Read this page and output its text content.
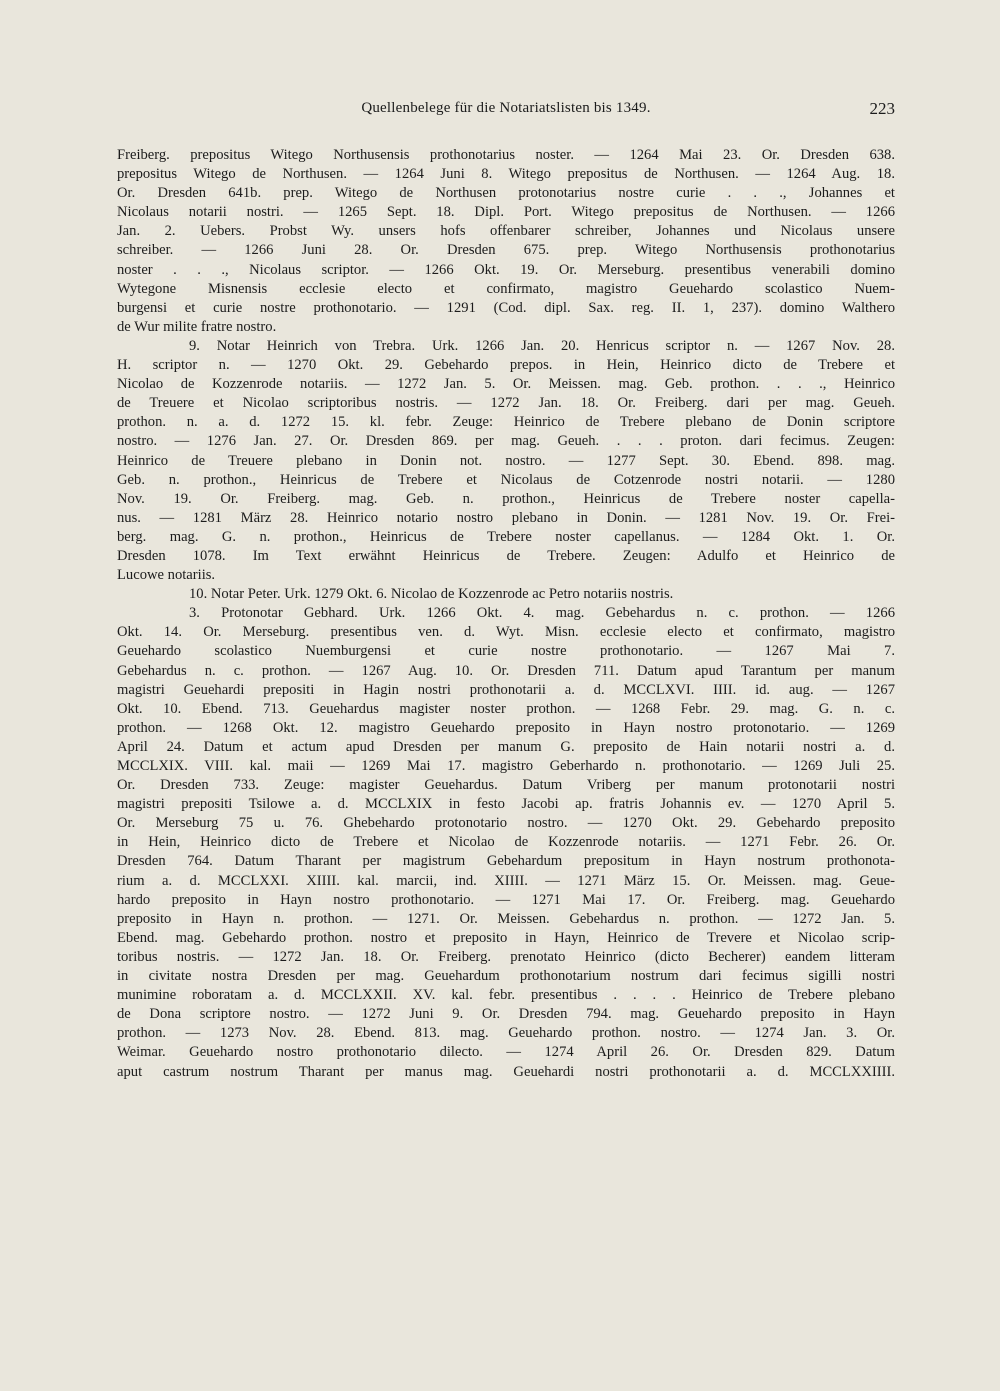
Quellenbelege für die Notariatslisten bis 1349.	223
Freiberg. prepositus Witego Northusensis prothonotarius noster. — 1264 Mai 23. Or. Dresden 638.
prepositus Witego de Northusen. — 1264 Juni 8. Witego prepositus de Northusen. — 1264 Aug. 18.
Or. Dresden 641b. prep. Witego de Northusen protonotarius nostre curie . . ., Johannes et
Nicolaus notarii nostri. — 1265 Sept. 18. Dipl. Port. Witego prepositus de Northusen. — 1266
Jan. 2. Uebers. Probst Wy. unsers hofs offenbarer schreiber, Johannes und Nicolaus unsere
schreiber. — 1266 Juni 28. Or. Dresden 675. prep. Witego Northusensis prothonotarius
noster . . ., Nicolaus scriptor. — 1266 Okt. 19. Or. Merseburg. presentibus venerabili domino
Wytegone Misnensis ecclesie electo et confirmato, magistro Geuehardo scolastico Nuem-
burgensi et curie nostre prothonotario. — 1291 (Cod. dipl. Sax. reg. II. 1, 237). domino Walthero
de Wur milite fratre nostro.
9. Notar Heinrich von Trebra. Urk. 1266 Jan. 20. Henricus scriptor n. — 1267 Nov. 28.
H. scriptor n. — 1270 Okt. 29. Gebehardo prepos. in Hein, Heinrico dicto de Trebere et
Nicolao de Kozzenrode notariis. — 1272 Jan. 5. Or. Meissen. mag. Geb. prothon. . . ., Heinrico
de Treuere et Nicolao scriptoribus nostris. — 1272 Jan. 18. Or. Freiberg. dari per mag. Geueh.
prothon. n. a. d. 1272 15. kl. febr. Zeuge: Heinrico de Trebere plebano de Donin scriptore
nostro. — 1276 Jan. 27. Or. Dresden 869. per mag. Geueh. . . . proton. dari fecimus. Zeugen:
Heinrico de Treuere plebano in Donin not. nostro. — 1277 Sept. 30. Ebend. 898. mag.
Geb. n. prothon., Heinricus de Trebere et Nicolaus de Cotzenrode nostri notarii. — 1280
Nov. 19. Or. Freiberg. mag. Geb. n. prothon., Heinricus de Trebere noster capella-
nus. — 1281 März 28. Heinrico notario nostro plebano in Donin. — 1281 Nov. 19. Or. Frei-
berg. mag. G. n. prothon., Heinricus de Trebere noster capellanus. — 1284 Okt. 1. Or.
Dresden 1078. Im Text erwähnt Heinricus de Trebere. Zeugen: Adulfo et Heinrico de
Lucowe notariis.
10. Notar Peter. Urk. 1279 Okt. 6. Nicolao de Kozzenrode ac Petro notariis nostris.
3. Protonotar Gebhard. Urk. 1266 Okt. 4. mag. Gebehardus n. c. prothon. — 1266
Okt. 14. Or. Merseburg. presentibus ven. d. Wyt. Misn. ecclesie electo et confirmato, magistro
Geuehardo scolastico Nuemburgensi et curie nostre prothonotario. — 1267 Mai 7.
Gebehardus n. c. prothon. — 1267 Aug. 10. Or. Dresden 711. Datum apud Tarantum per manum
magistri Geuehardi prepositi in Hagin nostri prothonotarii a. d. MCCLXVI. IIII. id. aug. — 1267
Okt. 10. Ebend. 713. Geuehardus magister noster prothon. — 1268 Febr. 29. mag. G. n. c.
prothon. — 1268 Okt. 12. magistro Geuehardo preposito in Hayn nostro protonotario. — 1269
April 24. Datum et actum apud Dresden per manum G. preposito de Hain notarii nostri a. d.
MCCLXIX. VIII. kal. maii — 1269 Mai 17. magistro Geberhardo n. prothonotario. — 1269 Juli 25.
Or. Dresden 733. Zeuge: magister Geuehardus. Datum Vriberg per manum protonotarii nostri
magistri prepositi Tsilowe a. d. MCCLXIX in festo Jacobi ap. fratris Johannis ev. — 1270 April 5.
Or. Merseburg 75 u. 76. Ghebehardo protonotario nostro. — 1270 Okt. 29. Gebehardo preposito
in Hein, Heinrico dicto de Trebere et Nicolao de Kozzenrode notariis. — 1271 Febr. 26. Or.
Dresden 764. Datum Tharant per magistrum Gebehardum prepositum in Hayn nostrum prothonota-
rium a. d. MCCLXXI. XIIII. kal. marcii, ind. XIIII. — 1271 März 15. Or. Meissen. mag. Geue-
hardo preposito in Hayn nostro prothonotario. — 1271 Mai 17. Or. Freiberg. mag. Geuehardo
preposito in Hayn n. prothon. — 1271. Or. Meissen. Gebehardus n. prothon. — 1272 Jan. 5.
Ebend. mag. Gebehardo prothon. nostro et preposito in Hayn, Heinrico de Trevere et Nicolao scrip-
toribus nostris. — 1272 Jan. 18. Or. Freiberg. prenotato Heinrico (dicto Becherer) eandem litteram
in civitate nostra Dresden per mag. Geuehardum prothonotarium nostrum dari fecimus sigilli nostri
munimine roboratam a. d. MCCLXXII. XV. kal. febr. presentibus . . . . Heinrico de Trebere plebano
de Dona scriptore nostro. — 1272 Juni 9. Or. Dresden 794. mag. Geuehardo preposito in Hayn
prothon. — 1273 Nov. 28. Ebend. 813. mag. Geuehardo prothon. nostro. — 1274 Jan. 3. Or.
Weimar. Geuehardo nostro prothonotario dilecto. — 1274 April 26. Or. Dresden 829. Datum
aput castrum nostrum Tharant per manus mag. Geuehardi nostri prothonotarii a. d. MCCLXXIIII.
